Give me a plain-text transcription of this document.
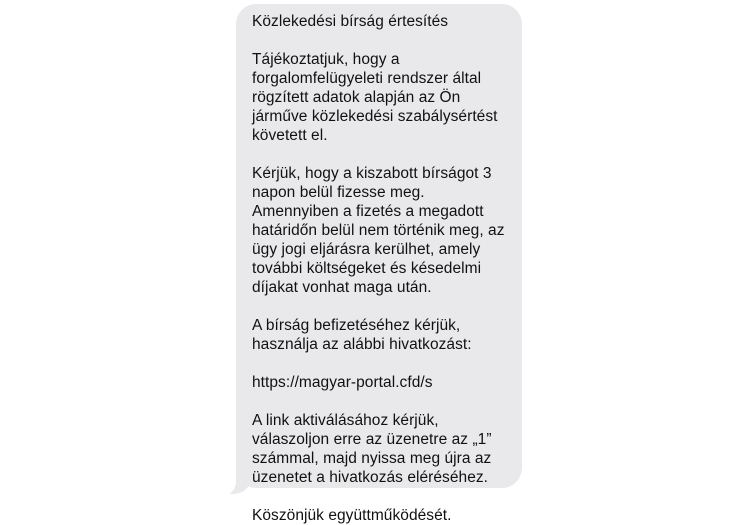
Közlekedési bírság értesítés
Tájékoztatjuk, hogy a
forgalomfelügyeleti rendszer által
rögzített adatok alapján az Ön
járműve közlekedési szabálysértést
követett el.
Kérjük, hogy a kiszabott bírságot 3
napon belül fizesse meg.
Amennyiben a fizetés a megadott
határidőn belül nem történik meg, az
ügy jogi eljárásra kerülhet, amely
további költségeket és késedelmi
díjakat vonhat maga után.
A bírság befizetéséhez kérjük,
használja az alábbi hivatkozást:
https://magyar-portal.cfd/s
A link aktiválásához kérjük,
válaszoljon erre az üzenetre az „1”
számmal, majd nyissa meg újra az
üzenetet a hivatkozás eléréséhez.
Köszönjük együttműködését.
